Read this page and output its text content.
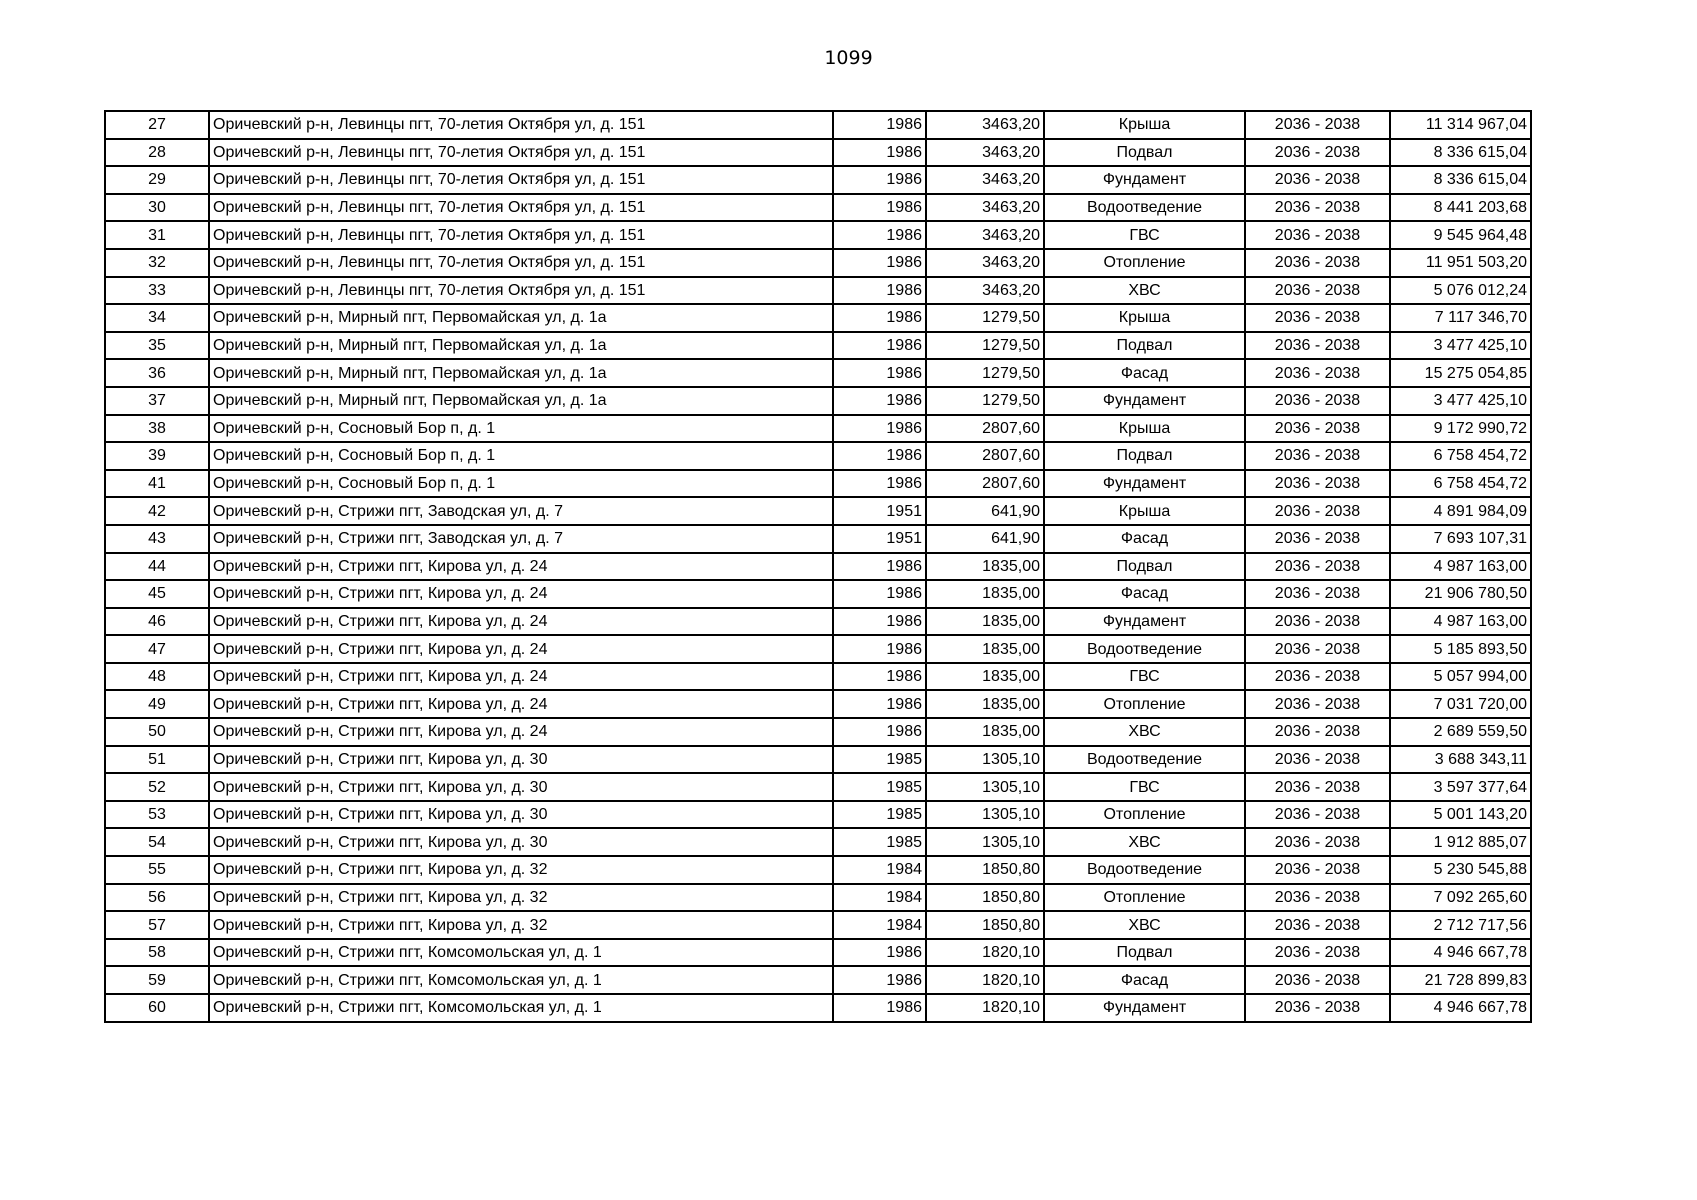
1099
27	Оричевский р-н, Левинцы пгт, 70-летия Октября ул, д. 151	1986	3463,20	Крыша	2036 - 2038	11 314 967,04
28	Оричевский р-н, Левинцы пгт, 70-летия Октября ул, д. 151	1986	3463,20	Подвал	2036 - 2038	8 336 615,04
29	Оричевский р-н, Левинцы пгт, 70-летия Октября ул, д. 151	1986	3463,20	Фундамент	2036 - 2038	8 336 615,04
30	Оричевский р-н, Левинцы пгт, 70-летия Октября ул, д. 151	1986	3463,20	Водоотведение	2036 - 2038	8 441 203,68
31	Оричевский р-н, Левинцы пгт, 70-летия Октября ул, д. 151	1986	3463,20	ГВС	2036 - 2038	9 545 964,48
32	Оричевский р-н, Левинцы пгт, 70-летия Октября ул, д. 151	1986	3463,20	Отопление	2036 - 2038	11 951 503,20
33	Оричевский р-н, Левинцы пгт, 70-летия Октября ул, д. 151	1986	3463,20	ХВС	2036 - 2038	5 076 012,24
34	Оричевский р-н, Мирный пгт, Первомайская ул, д. 1а	1986	1279,50	Крыша	2036 - 2038	7 117 346,70
35	Оричевский р-н, Мирный пгт, Первомайская ул, д. 1а	1986	1279,50	Подвал	2036 - 2038	3 477 425,10
36	Оричевский р-н, Мирный пгт, Первомайская ул, д. 1а	1986	1279,50	Фасад	2036 - 2038	15 275 054,85
37	Оричевский р-н, Мирный пгт, Первомайская ул, д. 1а	1986	1279,50	Фундамент	2036 - 2038	3 477 425,10
38	Оричевский р-н, Сосновый Бор п, д. 1	1986	2807,60	Крыша	2036 - 2038	9 172 990,72
39	Оричевский р-н, Сосновый Бор п, д. 1	1986	2807,60	Подвал	2036 - 2038	6 758 454,72
41	Оричевский р-н, Сосновый Бор п, д. 1	1986	2807,60	Фундамент	2036 - 2038	6 758 454,72
42	Оричевский р-н, Стрижи пгт, Заводская ул, д. 7	1951	641,90	Крыша	2036 - 2038	4 891 984,09
43	Оричевский р-н, Стрижи пгт, Заводская ул, д. 7	1951	641,90	Фасад	2036 - 2038	7 693 107,31
44	Оричевский р-н, Стрижи пгт, Кирова ул, д. 24	1986	1835,00	Подвал	2036 - 2038	4 987 163,00
45	Оричевский р-н, Стрижи пгт, Кирова ул, д. 24	1986	1835,00	Фасад	2036 - 2038	21 906 780,50
46	Оричевский р-н, Стрижи пгт, Кирова ул, д. 24	1986	1835,00	Фундамент	2036 - 2038	4 987 163,00
47	Оричевский р-н, Стрижи пгт, Кирова ул, д. 24	1986	1835,00	Водоотведение	2036 - 2038	5 185 893,50
48	Оричевский р-н, Стрижи пгт, Кирова ул, д. 24	1986	1835,00	ГВС	2036 - 2038	5 057 994,00
49	Оричевский р-н, Стрижи пгт, Кирова ул, д. 24	1986	1835,00	Отопление	2036 - 2038	7 031 720,00
50	Оричевский р-н, Стрижи пгт, Кирова ул, д. 24	1986	1835,00	ХВС	2036 - 2038	2 689 559,50
51	Оричевский р-н, Стрижи пгт, Кирова ул, д. 30	1985	1305,10	Водоотведение	2036 - 2038	3 688 343,11
52	Оричевский р-н, Стрижи пгт, Кирова ул, д. 30	1985	1305,10	ГВС	2036 - 2038	3 597 377,64
53	Оричевский р-н, Стрижи пгт, Кирова ул, д. 30	1985	1305,10	Отопление	2036 - 2038	5 001 143,20
54	Оричевский р-н, Стрижи пгт, Кирова ул, д. 30	1985	1305,10	ХВС	2036 - 2038	1 912 885,07
55	Оричевский р-н, Стрижи пгт, Кирова ул, д. 32	1984	1850,80	Водоотведение	2036 - 2038	5 230 545,88
56	Оричевский р-н, Стрижи пгт, Кирова ул, д. 32	1984	1850,80	Отопление	2036 - 2038	7 092 265,60
57	Оричевский р-н, Стрижи пгт, Кирова ул, д. 32	1984	1850,80	ХВС	2036 - 2038	2 712 717,56
58	Оричевский р-н, Стрижи пгт, Комсомольская ул, д. 1	1986	1820,10	Подвал	2036 - 2038	4 946 667,78
59	Оричевский р-н, Стрижи пгт, Комсомольская ул, д. 1	1986	1820,10	Фасад	2036 - 2038	21 728 899,83
60	Оричевский р-н, Стрижи пгт, Комсомольская ул, д. 1	1986	1820,10	Фундамент	2036 - 2038	4 946 667,78
